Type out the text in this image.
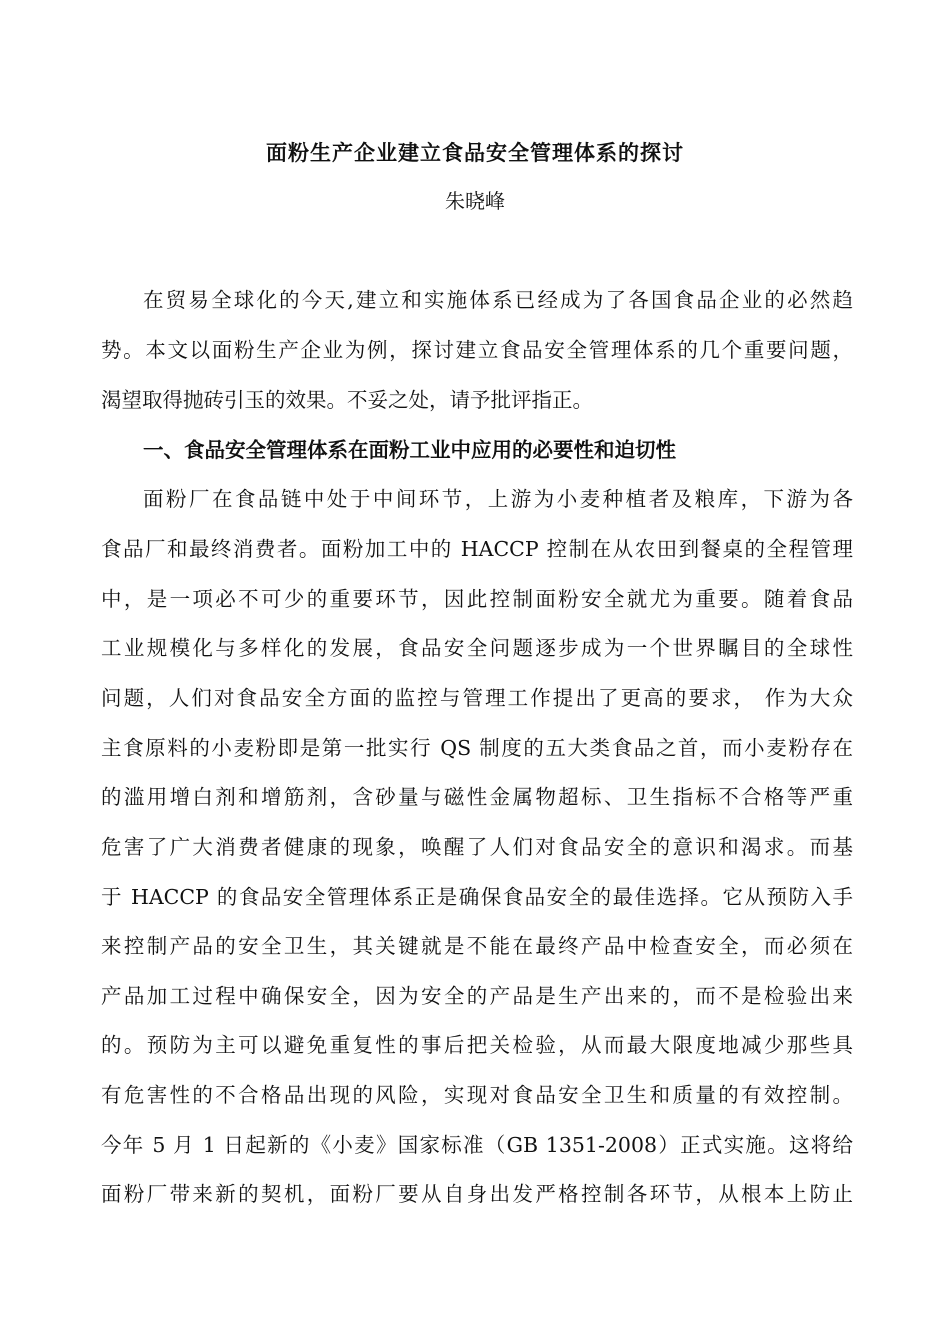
面粉生产企业建立食品安全管理体系的探讨
朱晓峰
在贸易全球化的今天,建立和实施体系已经成为了各国食品企业的必然趋
势。本文以面粉生产企业为例，探讨建立食品安全管理体系的几个重要问题，
渴望取得抛砖引玉的效果。不妥之处，请予批评指正。
一、食品安全管理体系在面粉工业中应用的必要性和迫切性
面粉厂在食品链中处于中间环节，上游为小麦种植者及粮库，下游为各
食品厂和最终消费者。面粉加工中的 HACCP 控制在从农田到餐桌的全程管理
中，是一项必不可少的重要环节，因此控制面粉安全就尤为重要。随着食品
工业规模化与多样化的发展，食品安全问题逐步成为一个世界瞩目的全球性
问题，人们对食品安全方面的监控与管理工作提出了更高的要求， 作为大众
主食原料的小麦粉即是第一批实行 QS 制度的五大类食品之首，而小麦粉存在
的滥用增白剂和增筋剂，含砂量与磁性金属物超标、卫生指标不合格等严重
危害了广大消费者健康的现象，唤醒了人们对食品安全的意识和渴求。而基
于 HACCP 的食品安全管理体系正是确保食品安全的最佳选择。它从预防入手
来控制产品的安全卫生，其关键就是不能在最终产品中检查安全，而必须在
产品加工过程中确保安全，因为安全的产品是生产出来的，而不是检验出来
的。预防为主可以避免重复性的事后把关检验，从而最大限度地减少那些具
有危害性的不合格品出现的风险，实现对食品安全卫生和质量的有效控制。
今年 5 月 1 日起新的《小麦》国家标准（GB 1351-2008）正式实施。这将给
面粉厂带来新的契机，面粉厂要从自身出发严格控制各环节，从根本上防止
